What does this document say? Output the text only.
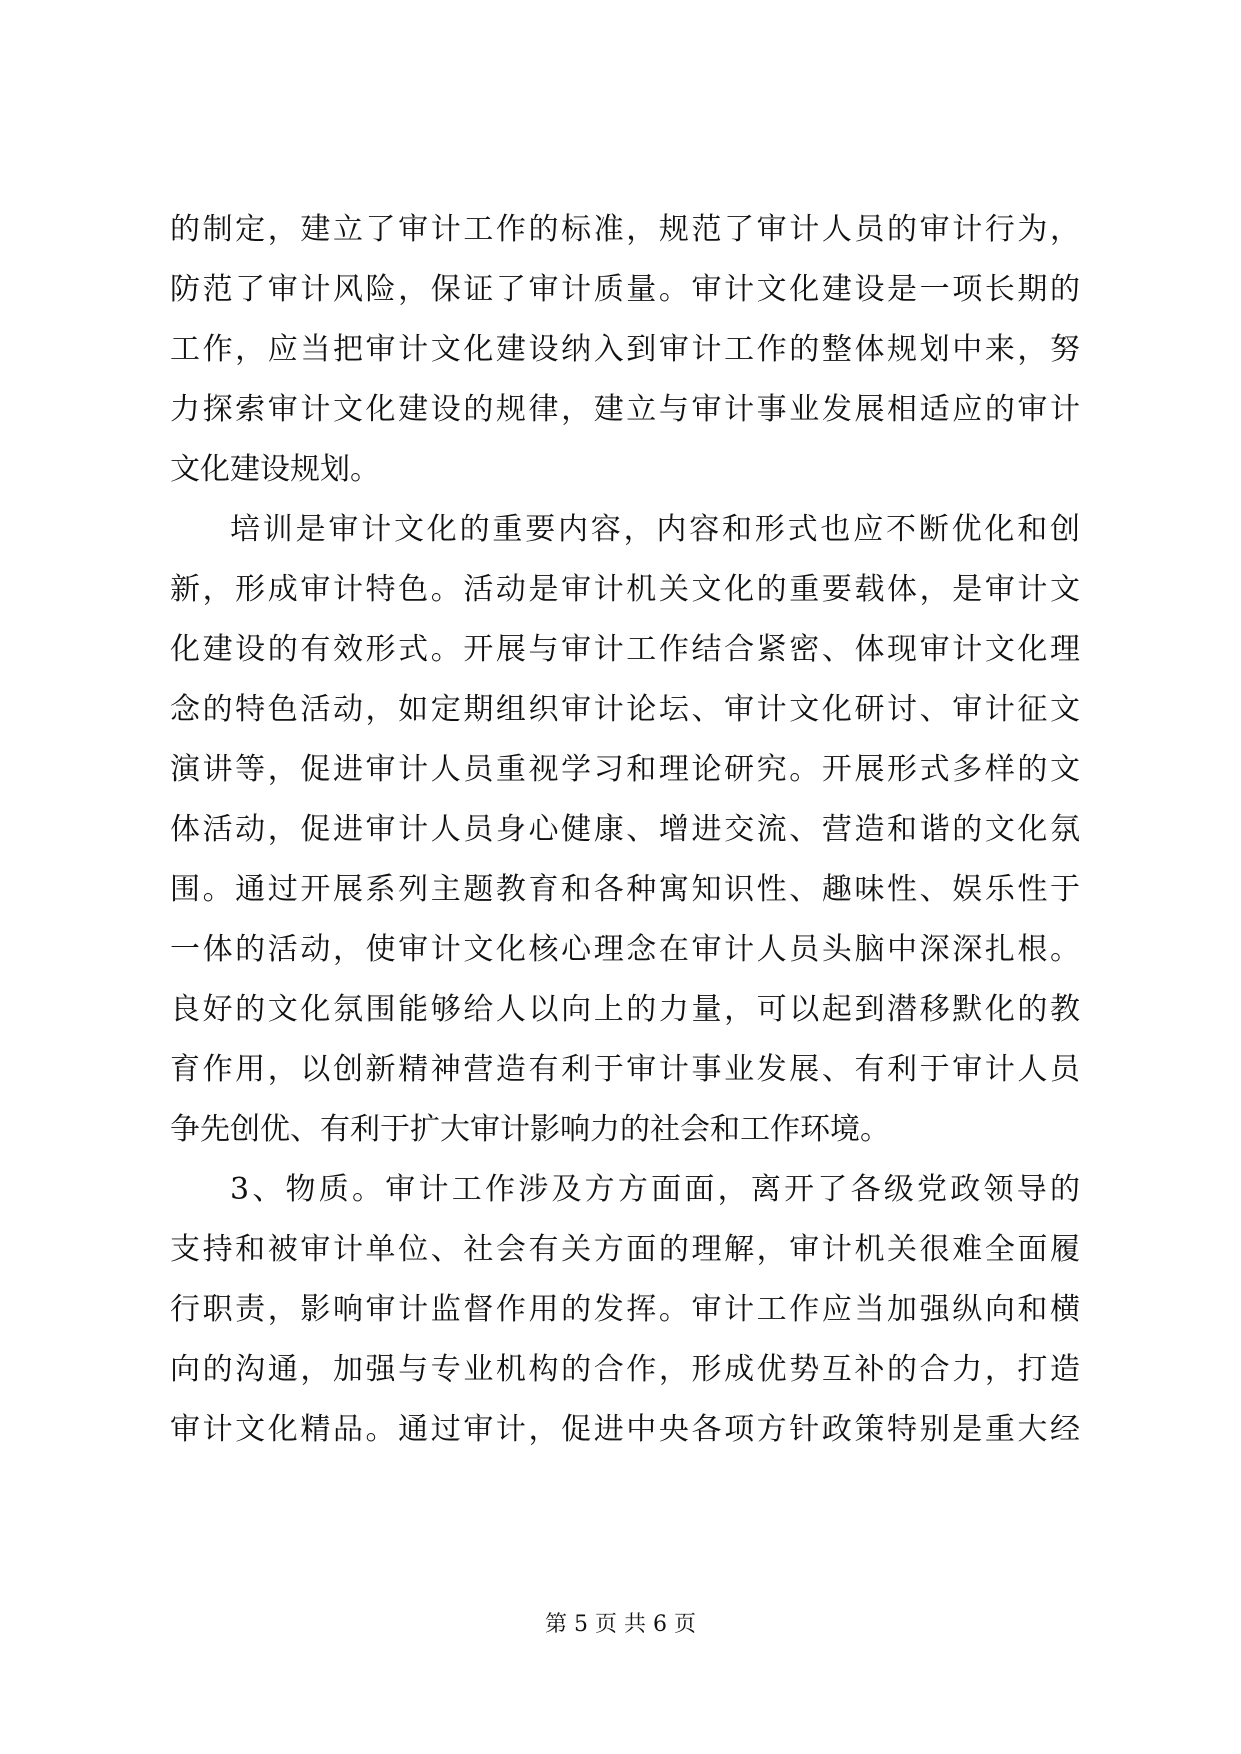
的制定，建立了审计工作的标准，规范了审计人员的审计行为，
防范了审计风险，保证了审计质量。审计文化建设是一项长期的
工作，应当把审计文化建设纳入到审计工作的整体规划中来，努
力探索审计文化建设的规律，建立与审计事业发展相适应的审计
文化建设规划。
培训是审计文化的重要内容，内容和形式也应不断优化和创
新，形成审计特色。活动是审计机关文化的重要载体，是审计文
化建设的有效形式。开展与审计工作结合紧密、体现审计文化理
念的特色活动，如定期组织审计论坛、审计文化研讨、审计征文
演讲等，促进审计人员重视学习和理论研究。开展形式多样的文
体活动，促进审计人员身心健康、增进交流、营造和谐的文化氛
围。通过开展系列主题教育和各种寓知识性、趣味性、娱乐性于
一体的活动，使审计文化核心理念在审计人员头脑中深深扎根。
良好的文化氛围能够给人以向上的力量，可以起到潜移默化的教
育作用，以创新精神营造有利于审计事业发展、有利于审计人员
争先创优、有利于扩大审计影响力的社会和工作环境。
3、物质。审计工作涉及方方面面，离开了各级党政领导的
支持和被审计单位、社会有关方面的理解，审计机关很难全面履
行职责，影响审计监督作用的发挥。审计工作应当加强纵向和横
向的沟通，加强与专业机构的合作，形成优势互补的合力，打造
审计文化精品。通过审计，促进中央各项方针政策特别是重大经
第 5 页 共 6 页
